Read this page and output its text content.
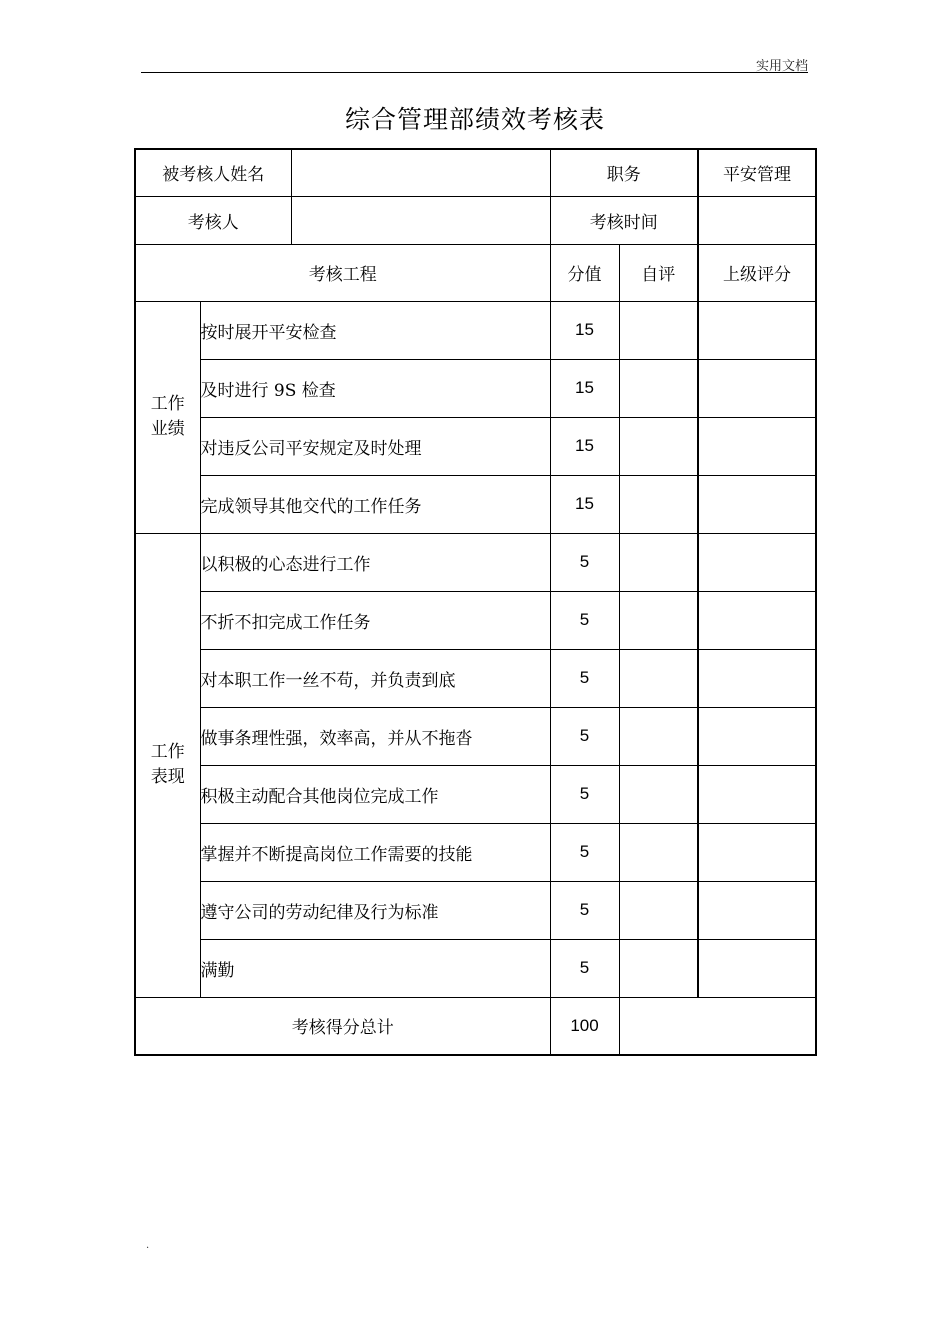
实用文档
综合管理部绩效考核表
被考核人姓名			职务		平安管理
考核人			考核时间		
考核工程			分值	自评	上级评分

工作
业绩	按时展开平安检查		15		
	及时进行 9S 检查		15		
	对违反公司平安规定及时处理		15		
	完成领导其他交代的工作任务		15		

工作
表现	以积极的心态进行工作		5		
	不折不扣完成工作任务		5		
	对本职工作一丝不苟，并负责到底		5		
	做事条理性强，效率高，并从不拖沓		5		
	积极主动配合其他岗位完成工作		5		
	掌握并不断提高岗位工作需要的技能		5		
	遵守公司的劳动纪律及行为标准		5		
	满勤		5		
考核得分总计			100		
.
